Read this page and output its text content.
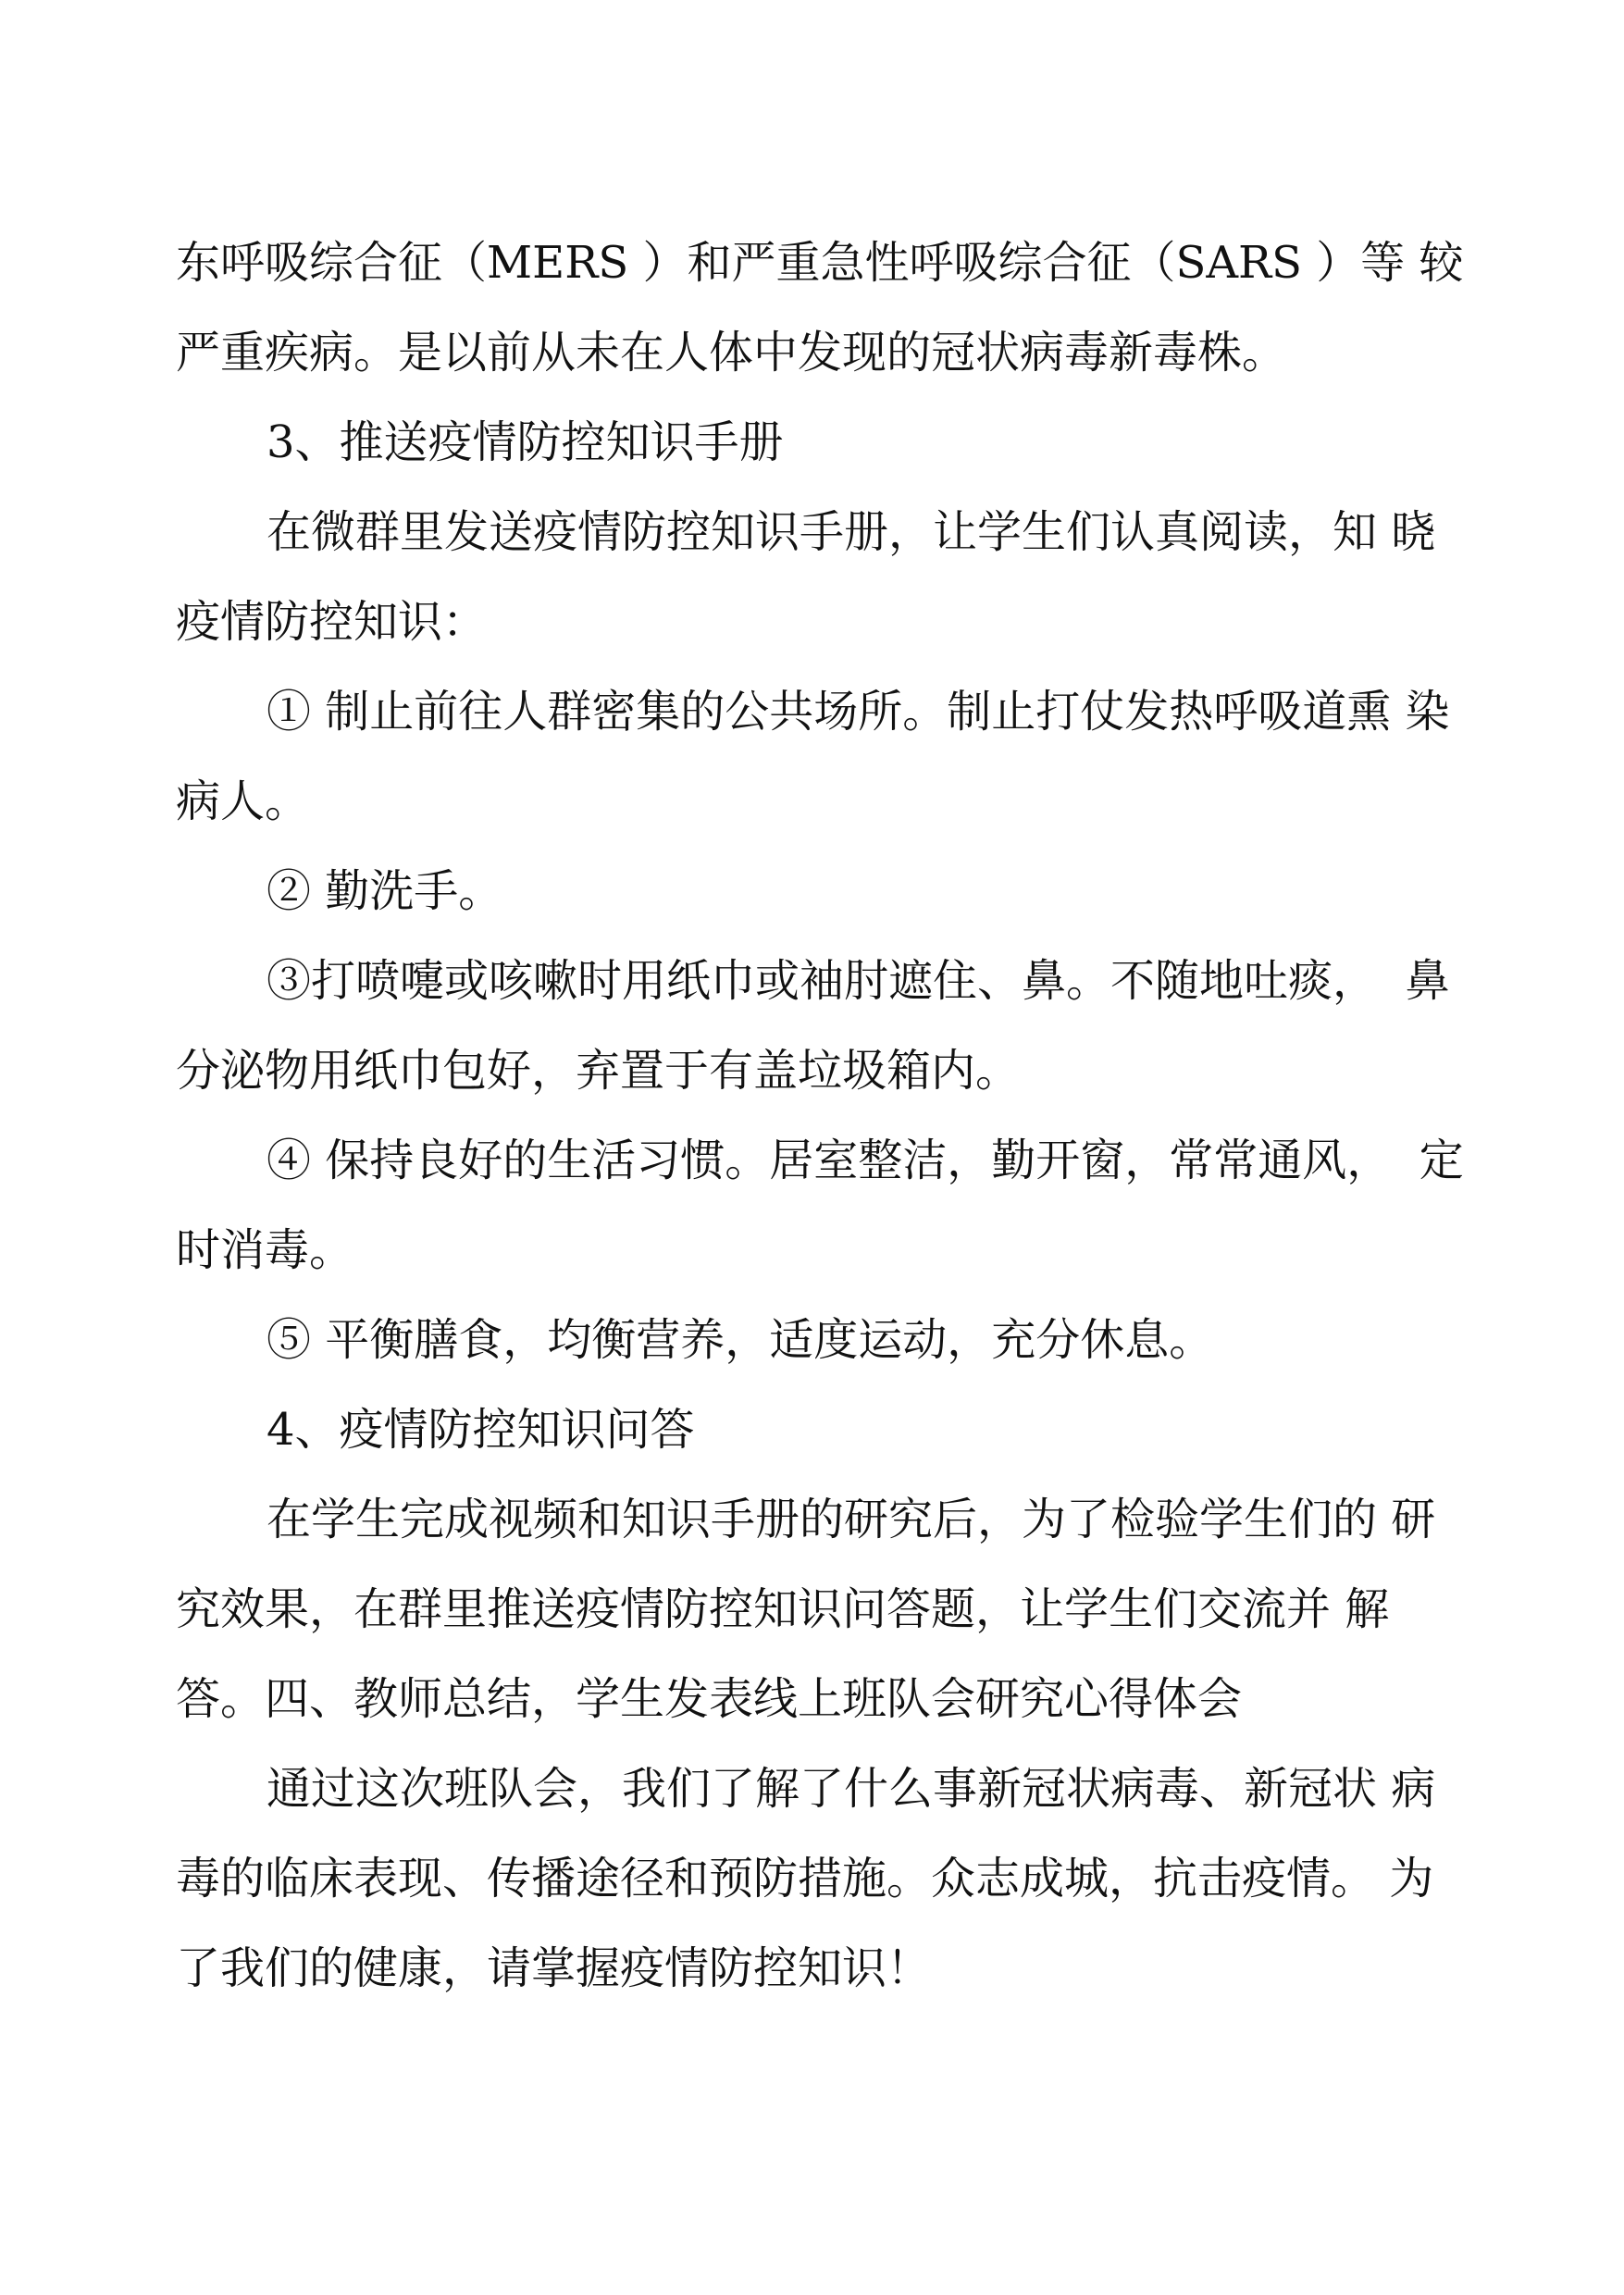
东呼吸综合征（MERS ）和严重急性呼吸综合征（SARS ）等 较严重疾病。是以前从未在人体中发现的冠状病毒新毒株。

3、推送疫情防控知识手册

在微群里发送疫情防控知识手册，让学生们认真阅读，知 晓疫情防控知识：

① 制止前往人群密集的公共场所。制止打仗发热呼吸道熏 染病人。

② 勤洗手。

③打喷嚏或咳嗽时用纸巾或袖肘遮住、鼻。不随地吐痰，  鼻分泌物用纸巾包好，弃置于有盖垃圾箱内。

④ 保持良好的生活习惯。居室整洁，勤开窗，常常通风，  定时消毒。

⑤ 平衡膳食，均衡营养，适度运动，充分休息。

4、疫情防控知识问答

在学生完成视频和知识手册的研究后，为了检验学生们的 研究效果，在群里推送疫情防控知识问答题，让学生们交流并 解答。四、教师总结，学生发表线上班队会研究心得体会

通过这次班队会，我们了解了什么事新冠状病毒、新冠状 病毒的临床表现、传播途径和预防措施。众志成城，抗击疫情。 为了我们的健康，请掌握疫情防控知识！
